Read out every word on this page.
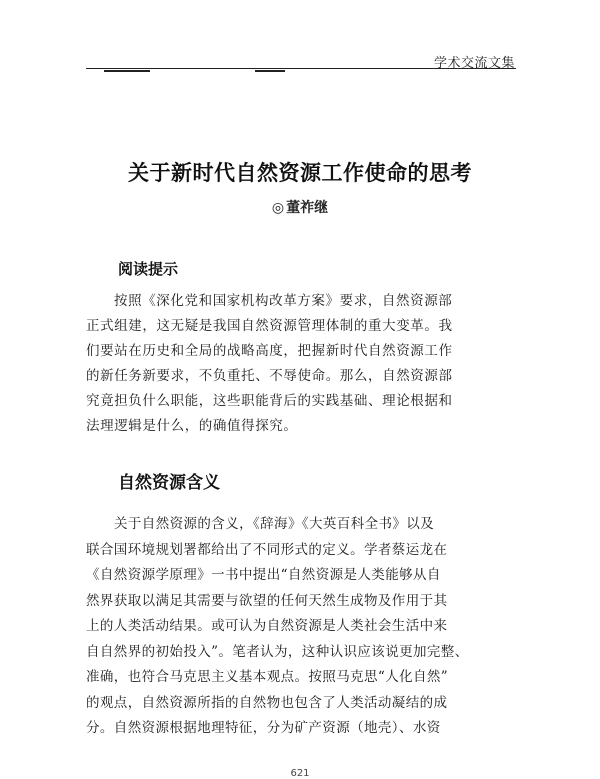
学术交流文集
关于新时代自然资源工作使命的思考
◎ 董祚继
阅读提示
按照《深化党和国家机构改革方案》要求，自然资源部
正式组建，这无疑是我国自然资源管理体制的重大变革。我
们要站在历史和全局的战略高度，把握新时代自然资源工作
的新任务新要求，不负重托、不辱使命。那么，自然资源部
究竟担负什么职能，这些职能背后的实践基础、理论根据和
法理逻辑是什么，的确值得探究。
自然资源含义
关于自然资源的含义，《辞海》《大英百科全书》以及
联合国环境规划署都给出了不同形式的定义。学者蔡运龙在
《自然资源学原理》一书中提出“自然资源是人类能够从自
然界获取以满足其需要与欲望的任何天然生成物及作用于其
上的人类活动结果。或可认为自然资源是人类社会生活中来
自自然界的初始投入”。笔者认为，这种认识应该说更加完整、
准确，也符合马克思主义基本观点。按照马克思“人化自然”
的观点，自然资源所指的自然物也包含了人类活动凝结的成
分。自然资源根据地理特征，分为矿产资源（地壳）、水资
621
